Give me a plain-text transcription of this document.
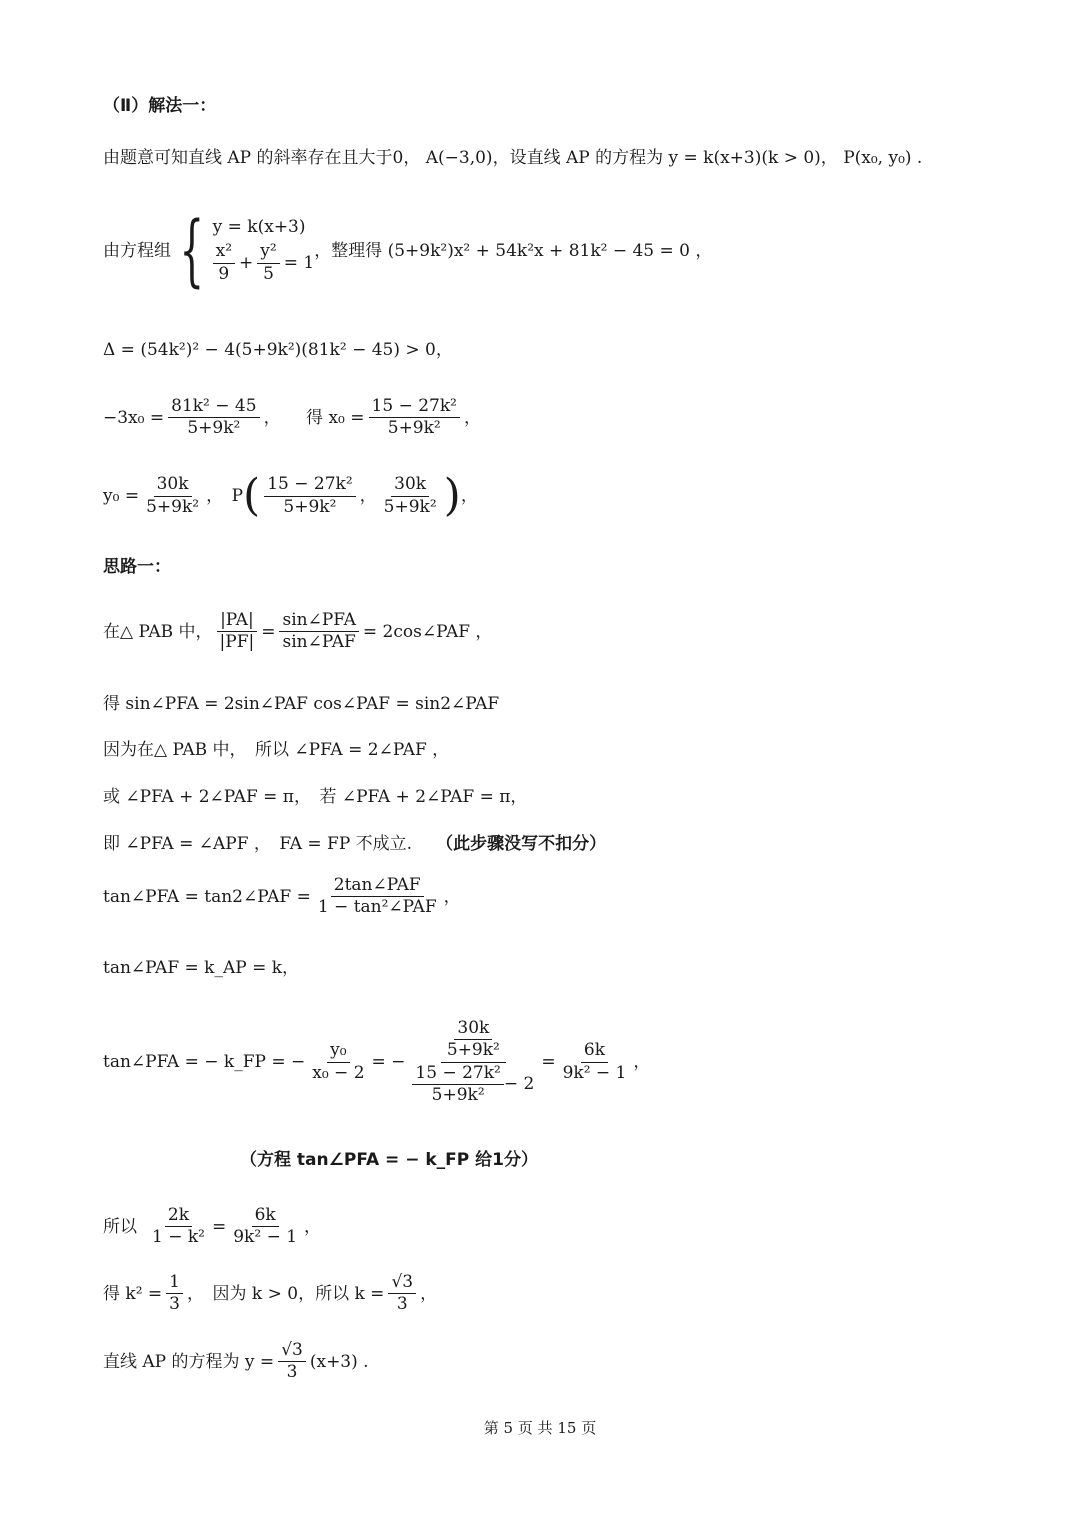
（Ⅱ）解法一：
由题意可知直线 AP 的斜率存在且大于0， A(−3,0)，设直线 AP 的方程为 y = k(x+3)(k > 0)， P(x₀, y₀) .
由方程组 { y = k(x+3)
$\frac{\text{x²}}{9} + \frac{\text{y²}}{5} = 1$
，整理得 (5+9k²)x² + 54k²x + 81k² − 45 = 0 ，
Δ = (54k²)² − 4(5+9k²)(81k² − 45) > 0，
$-3x_0 = \frac{\text{81k² − 45}}{\text{5+9k²}}$ ，　　得 $x_0 = \frac{\text{15 − 27k²}}{\text{5+9k²}}$ ，
$y_0 = \frac{30k}{\text{5+9k²}}$ ，　P ( $\frac{\text{15 − 27k²}}{\text{5+9k²}}$ ， $\frac{30k}{\text{5+9k²}}$ ) ，
思路一：
在△ PAB 中， $\frac{|PA|}{|PF|} = \frac{\text{sin∠PFA}}{\text{sin∠PAF}}$ = 2cos∠PAF ，
得 sin∠PFA = 2sin∠PAF cos∠PAF = sin2∠PAF
因为在△ PAB 中，　所以 ∠PFA = 2∠PAF ，
或 ∠PFA + 2∠PAF = π，　若 ∠PFA + 2∠PAF = π，
即 ∠PFA = ∠APF ，　FA = FP 不成立. （此步骤没写不扣分）
tan∠PFA = tan2∠PAF = $\frac{\text{2tan∠PAF}}{\text{1 − tan²∠PAF}}$ ，
tan∠PAF = k_AP = k，
tan∠PFA = − k_FP = − $\frac{\text{y₀}}{\text{x₀ − 2}}$ = − $\frac{\frac{30k}{\text{5+9k²}}}{\frac{\text{15 − 27k²}}{\text{5+9k²}} - 2} = \frac{6k}{\text{9k² − 1}}$ ，
（方程 tan∠PFA = − k_FP 给1分）
所以 $\frac{2k}{\text{1 − k²}} = \frac{6k}{\text{9k² − 1}}$ ，
得 $k^2 = \frac{1}{3}$ ，　因为 k > 0，所以 $k = \frac{√3}{3}$ ，
直线 AP 的方程为 $y = \frac{√3}{3} (x+3)$ .
第 5 页 共 15 页
